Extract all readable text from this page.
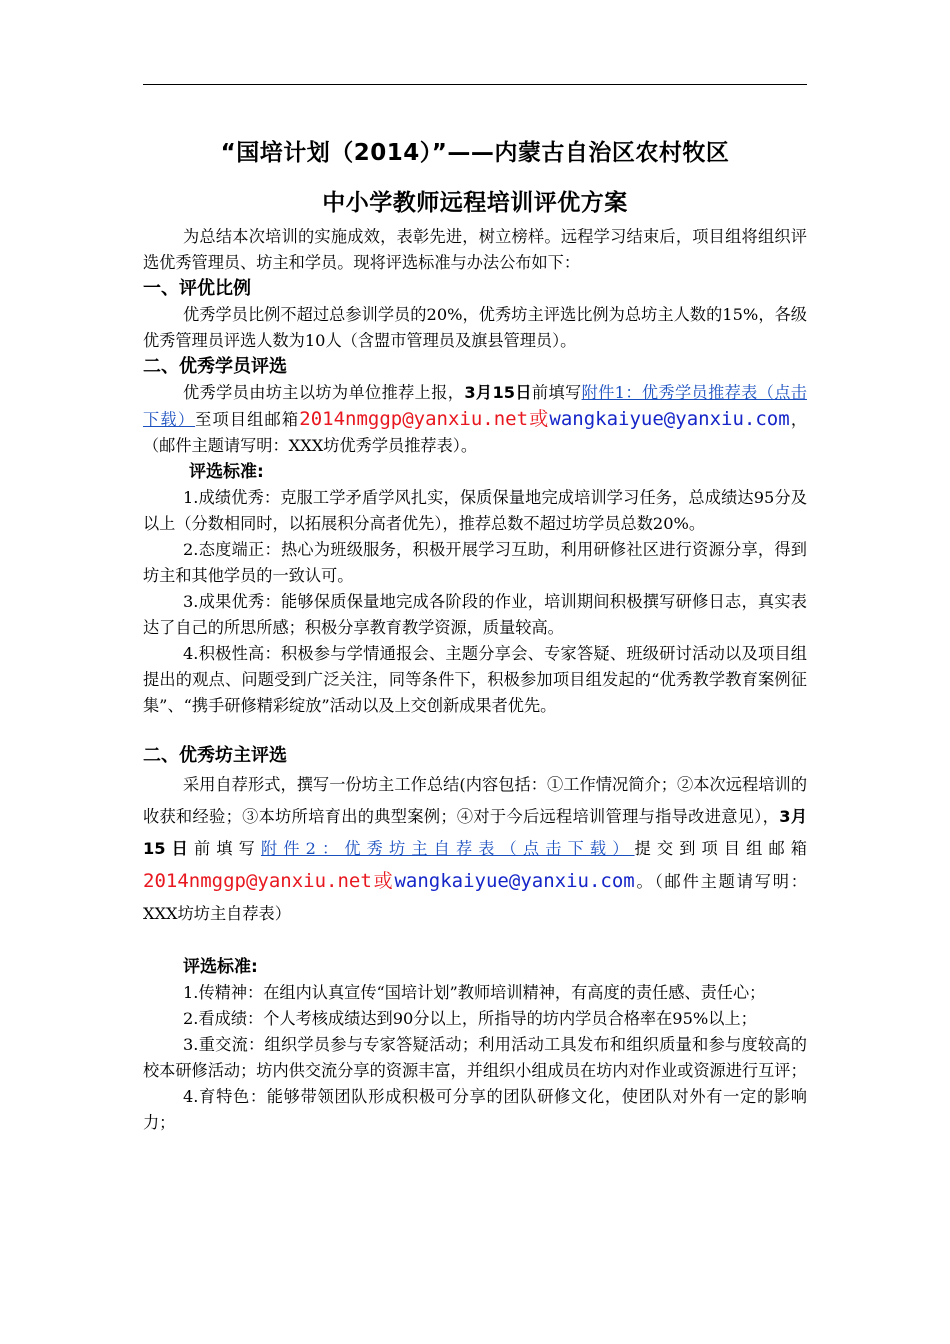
“国培计划（2014）”——内蒙古自治区农村牧区
中小学教师远程培训评优方案

为总结本次培训的实施成效，表彰先进，树立榜样。远程学习结束后，项目组将组织评选优秀管理员、坊主和学员。现将评选标准与办法公布如下：

一、评优比例

优秀学员比例不超过总参训学员的20%，优秀坊主评选比例为总坊主人数的15%，各级优秀管理员评选人数为10人（含盟市管理员及旗县管理员）。

二、优秀学员评选

优秀学员由坊主以坊为单位推荐上报，3月15日前填写附件1：优秀学员推荐表（点击下载）至项目组邮箱2014nmggp@yanxiu.net或wangkaiyue@yanxiu.com，（邮件主题请写明：XXX坊优秀学员推荐表）。

评选标准:

1.成绩优秀：克服工学矛盾学风扎实，保质保量地完成培训学习任务，总成绩达95分及以上（分数相同时，以拓展积分高者优先），推荐总数不超过坊学员总数20%。

2.态度端正：热心为班级服务，积极开展学习互助，利用研修社区进行资源分享，得到坊主和其他学员的一致认可。

3.成果优秀：能够保质保量地完成各阶段的作业，培训期间积极撰写研修日志，真实表达了自己的所思所感；积极分享教育教学资源，质量较高。

4.积极性高：积极参与学情通报会、主题分享会、专家答疑、班级研讨活动以及项目组提出的观点、问题受到广泛关注，同等条件下，积极参加项目组发起的“优秀教学教育案例征集”、“携手研修精彩绽放”活动以及上交创新成果者优先。

二、优秀坊主评选

采用自荐形式，撰写一份坊主工作总结(内容包括：①工作情况简介；②本次远程培训的收获和经验；③本坊所培育出的典型案例；④对于今后远程培训管理与指导改进意见），3月15日前填写附件2：优秀坊主自荐表（点击下载）提交到项目组邮箱2014nmggp@yanxiu.net或wangkaiyue@yanxiu.com。（邮件主题请写明：XXX坊坊主自荐表）

评选标准:

1.传精神：在组内认真宣传“国培计划”教师培训精神，有高度的责任感、责任心；

2.看成绩：个人考核成绩达到90分以上，所指导的坊内学员合格率在95%以上；

3.重交流：组织学员参与专家答疑活动；利用活动工具发布和组织质量和参与度较高的校本研修活动；坊内供交流分享的资源丰富，并组织小组成员在坊内对作业或资源进行互评；

4.育特色：能够带领团队形成积极可分享的团队研修文化，使团队对外有一定的影响力；
